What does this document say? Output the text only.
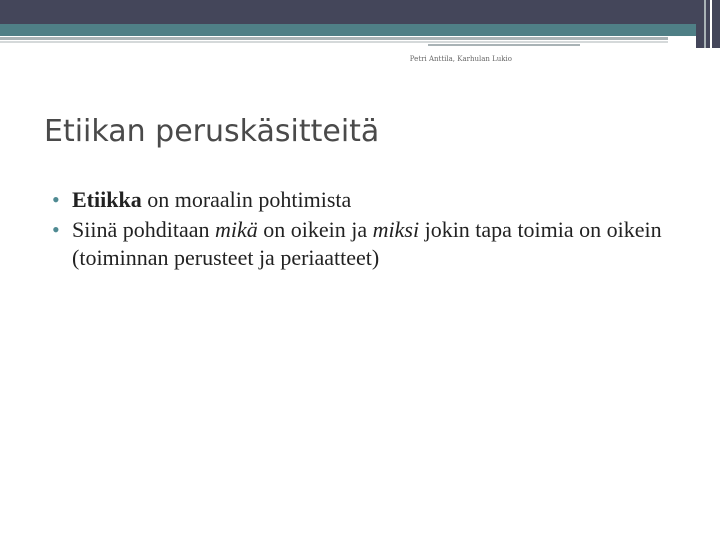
Petri Anttila, Karhulan Lukio
Etiikan peruskäsitteitä
• Etiikka on moraalin pohtimista
• Siinä pohditaan mikä on oikein ja miksi jokin tapa toimia on oikein (toiminnan perusteet ja periaatteet)
